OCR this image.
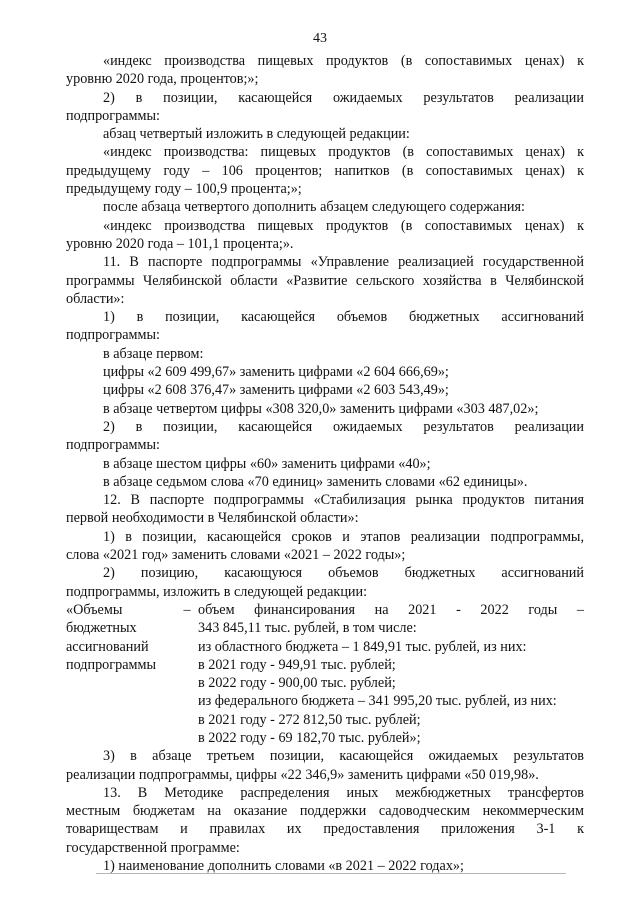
43

«индекс производства пищевых продуктов (в сопоставимых ценах) к

уровню 2020 года, процентов;»;

2) в позиции, касающейся ожидаемых результатов реализации

подпрограммы:

абзац четвертый изложить в следующей редакции:

«индекс производства: пищевых продуктов (в сопоставимых ценах) к

предыдущему году – 106 процентов; напитков (в сопоставимых ценах) к

предыдущему году – 100,9 процента;»;

после абзаца четвертого дополнить абзацем следующего содержания:

«индекс производства пищевых продуктов (в сопоставимых ценах) к

уровню 2020 года – 101,1 процента;».

11. В паспорте подпрограммы «Управление реализацией государственной

программы Челябинской области «Развитие сельского хозяйства в Челябинской

области»:

1) в позиции, касающейся объемов бюджетных ассигнований

подпрограммы:

в абзаце первом:

цифры «2 609 499,67» заменить цифрами «2 604 666,69»;

цифры «2 608 376,47» заменить цифрами «2 603 543,49»;

в абзаце четвертом цифры «308 320,0» заменить цифрами «303 487,02»;

2) в позиции, касающейся ожидаемых результатов реализации

подпрограммы:

в абзаце шестом цифры «60» заменить цифрами «40»;

в абзаце седьмом слова «70 единиц» заменить словами «62 единицы».

12. В паспорте подпрограммы «Стабилизация рынка продуктов питания

первой необходимости в Челябинской области»:

1) в позиции, касающейся сроков и этапов реализации подпрограммы,

слова «2021 год» заменить словами «2021 – 2022 годы»;

2) позицию, касающуюся объемов бюджетных ассигнований

подпрограммы, изложить в следующей редакции:

«Объемы
бюджетных
ассигнований
подпрограммы
– объем финансирования на 2021 - 2022 годы –
343 845,11 тыс. рублей, в том числе:
из областного бюджета – 1 849,91 тыс. рублей, из них:
в 2021 году - 949,91 тыс. рублей;
в 2022 году - 900,00 тыс. рублей;
из федерального бюджета – 341 995,20 тыс. рублей, из них:
в 2021 году - 272 812,50 тыс. рублей;
в 2022 году - 69 182,70 тыс. рублей»;

3) в абзаце третьем позиции, касающейся ожидаемых результатов

реализации подпрограммы, цифры «22 346,9» заменить цифрами «50 019,98».

13. В Методике распределения иных межбюджетных трансфертов

местным бюджетам на оказание поддержки садоводческим некоммерческим

товариществам и правилах их предоставления приложения 3-1 к

государственной программе:

1) наименование дополнить словами «в 2021 – 2022 годах»;
